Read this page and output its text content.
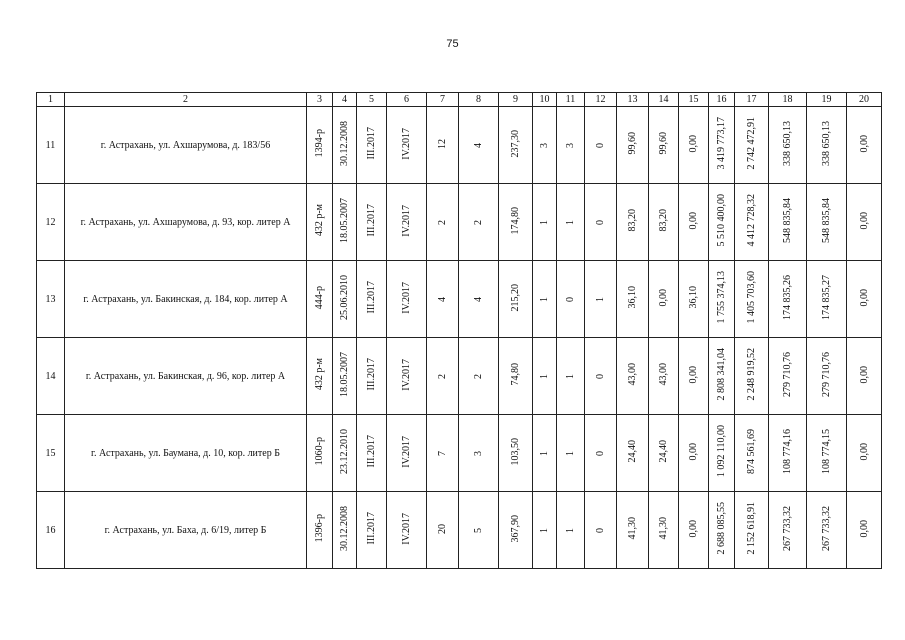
75
1	2	3	4	5	6	7	8	9	10	11	12	13	14	15	16	17	18	19	20
11	г. Астрахань, ул. Ахшарумова, д. 183/56	1394-р	30.12.2008	III.2017	IV.2017	12	4	237,30	3	3	0	99,60	99,60	0,00	3 419 773,17	2 742 472,91	338 650,13	338 650,13	0,00
12	г. Астрахань, ул. Ахшарумова, д. 93, кор. литер А	432 р-м	18.05.2007	III.2017	IV.2017	2	2	174,80	1	1	0	83,20	83,20	0,00	5 510 400,00	4 412 728,32	548 835,84	548 835,84	0,00
13	г. Астрахань, ул. Бакинская, д. 184, кор. литер А	444-р	25.06.2010	III.2017	IV.2017	4	4	215,20	1	0	1	36,10	0,00	36,10	1 755 374,13	1 405 703,60	174 835,26	174 835,27	0,00
14	г. Астрахань, ул. Бакинская, д. 96, кор. литер А	432 р-м	18.05.2007	III.2017	IV.2017	2	2	74,80	1	1	0	43,00	43,00	0,00	2 808 341,04	2 248 919,52	279 710,76	279 710,76	0,00
15	г. Астрахань, ул. Баумана, д. 10, кор. литер Б	1060-р	23.12.2010	III.2017	IV.2017	7	3	103,50	1	1	0	24,40	24,40	0,00	1 092 110,00	874 561,69	108 774,16	108 774,15	0,00
16	г. Астрахань, ул. Баха, д. 6/19, литер Б	1396-р	30.12.2008	III.2017	IV.2017	20	5	367,90	1	1	0	41,30	41,30	0,00	2 688 085,55	2 152 618,91	267 733,32	267 733,32	0,00
